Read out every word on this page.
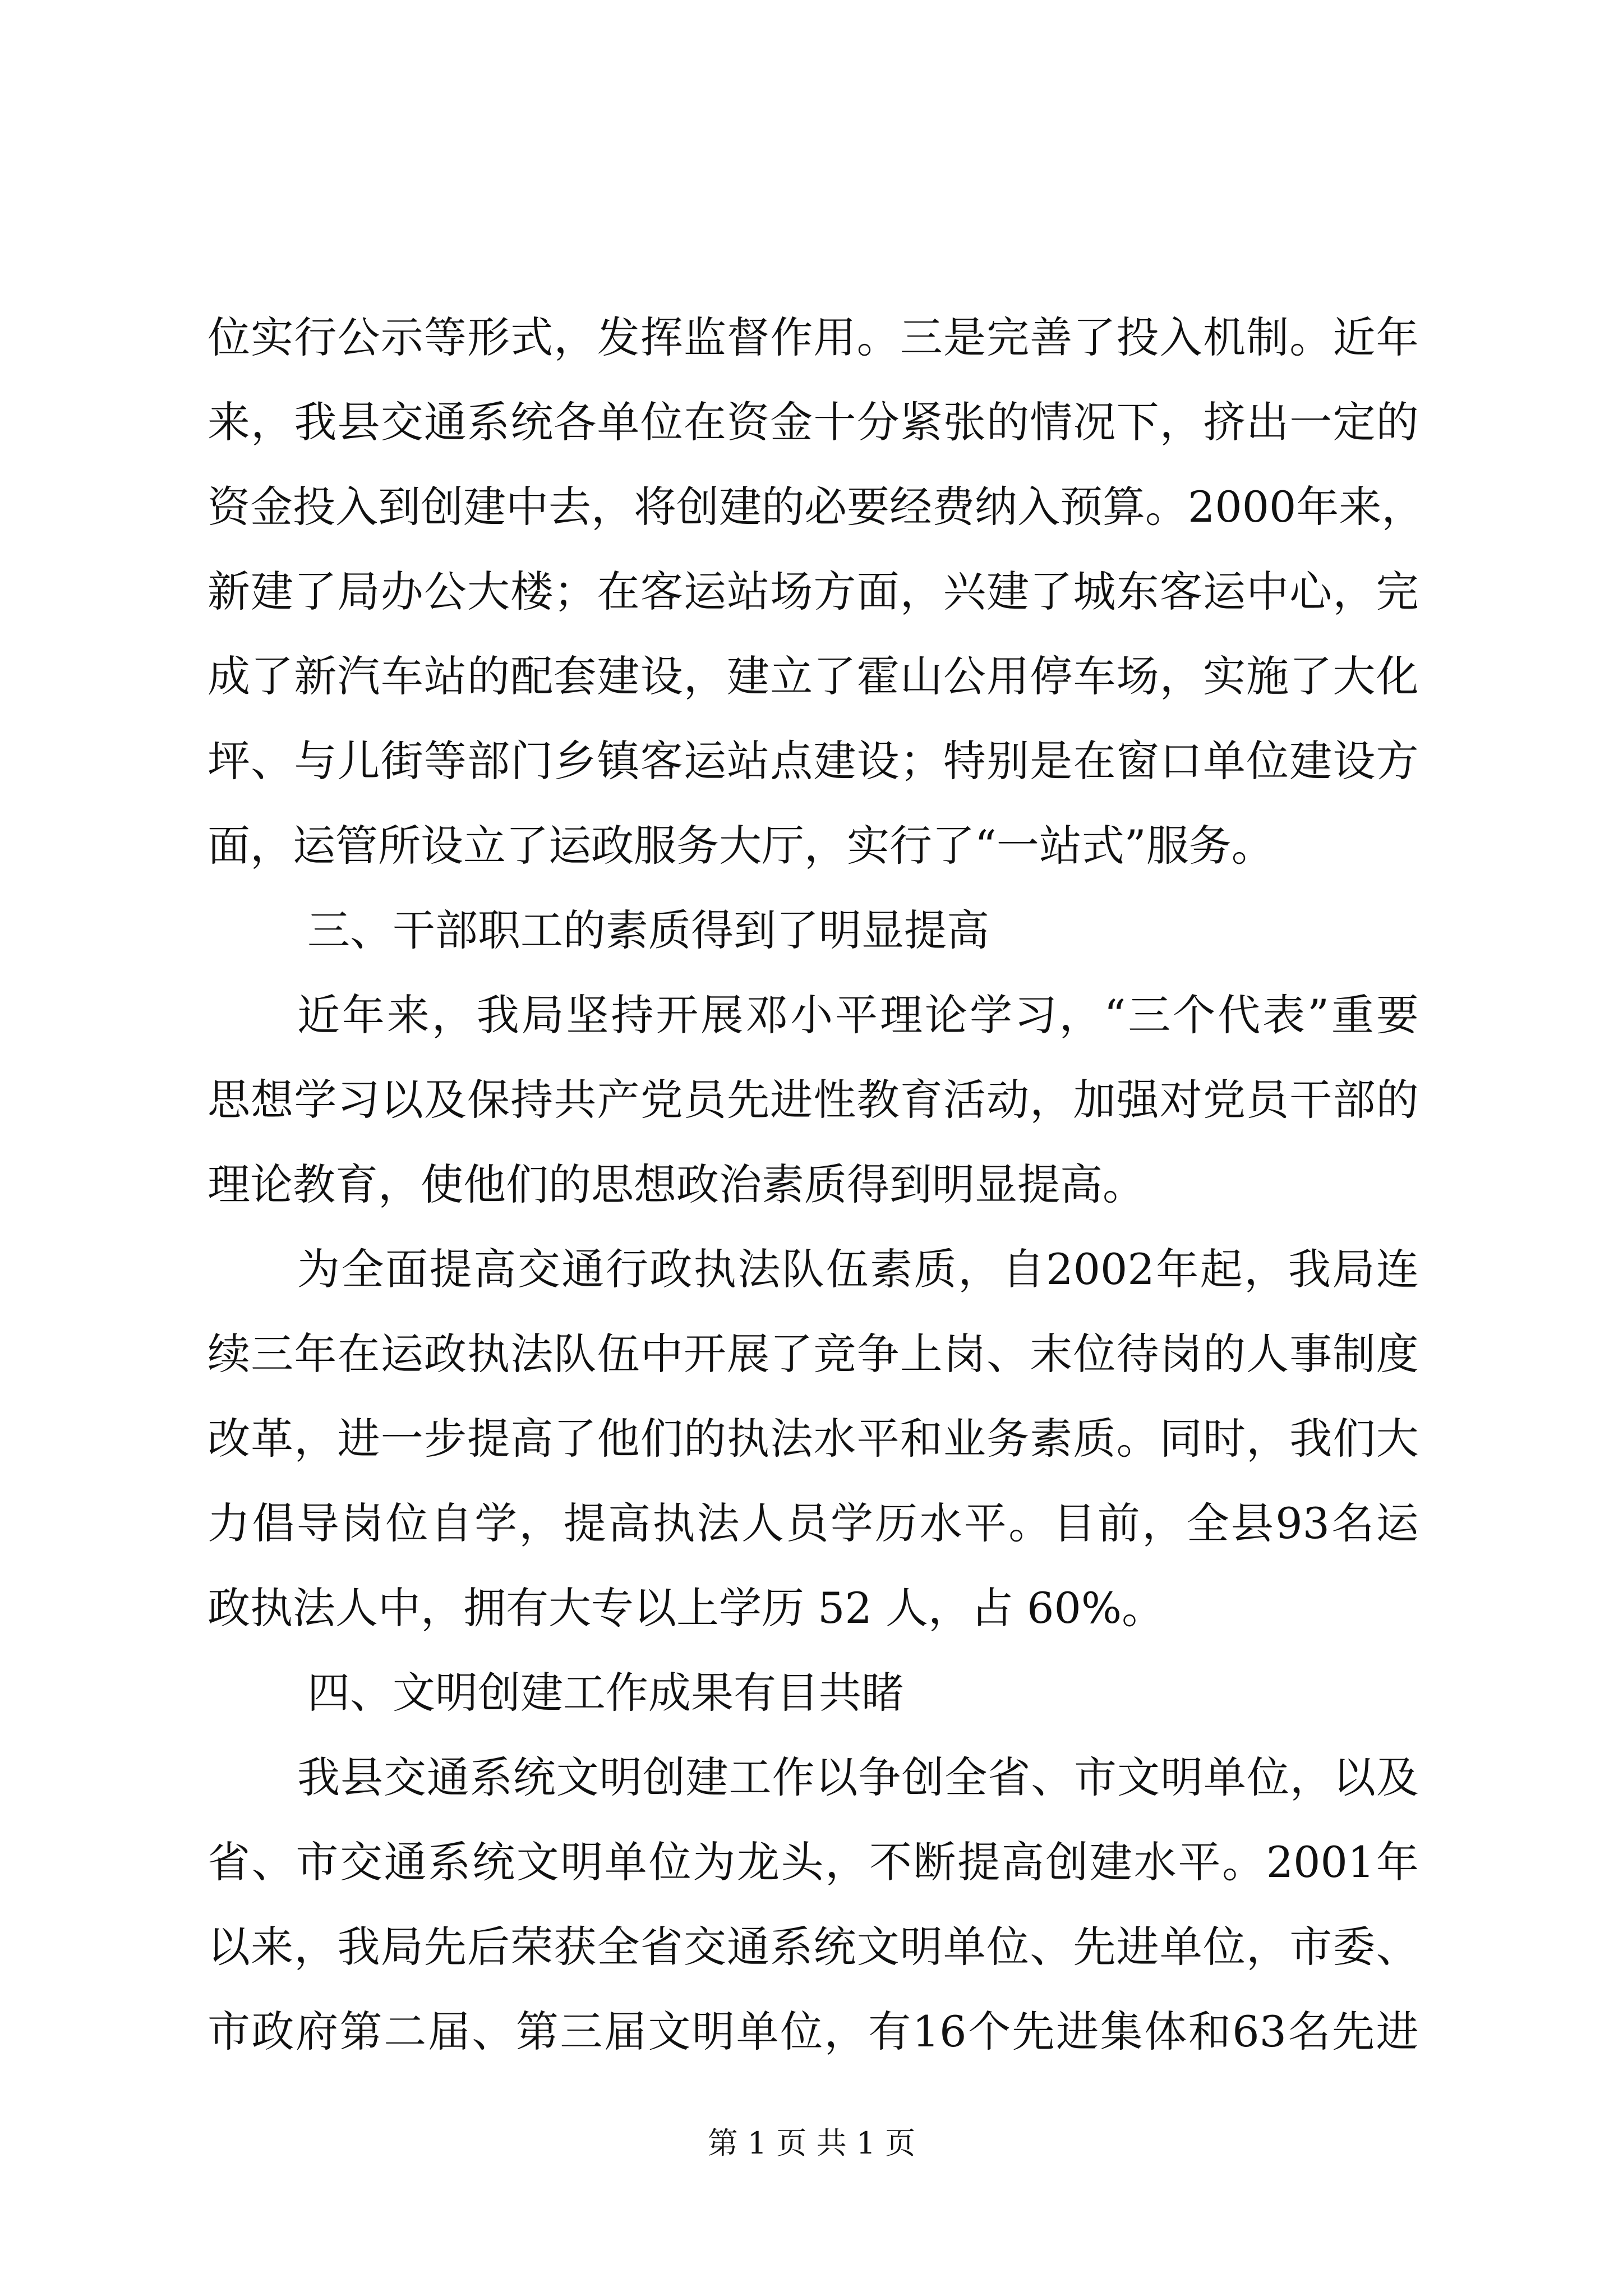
位 实 行 公 示 等 形 式 ， 发 挥 监 督 作 用 。 三 是 完 善 了 投 入 机 制 。 近 年
来 ， 我 县 交 通 系 统 各 单 位 在 资 金 十 分 紧 张 的 情 况 下 ， 挤 出 一 定 的
资 金 投 入 到 创 建 中 去 ， 将 创 建 的 必 要 经 费 纳 入 预 算 。 2000 年 来 ，
新 建 了 局 办 公 大 楼 ； 在 客 运 站 场 方 面 ， 兴 建 了 城 东 客 运 中 心 ， 完
成 了 新 汽 车 站 的 配 套 建 设 ， 建 立 了 霍 山 公 用 停 车 场 ， 实 施 了 大 化
坪 、 与 儿 街 等 部 门 乡 镇 客 运 站 点 建 设 ； 特 别 是 在 窗 口 单 位 建 设 方
面，运管所设立了运政服务大厅，实行了“一站式”服务。
三、干部职工的素质得到了明显提高
近 年 来 ， 我 局 坚 持 开 展 邓 小 平 理 论 学 习 ， “ 三 个 代 表 ” 重 要
思 想 学 习 以 及 保 持 共 产 党 员 先 进 性 教 育 活 动 ， 加 强 对 党 员 干 部 的
理论教育，使他们的思想政治素质得到明显提高。
为 全 面 提 高 交 通 行 政 执 法 队 伍 素 质 ， 自 2002 年 起 ， 我 局 连
续 三 年 在 运 政 执 法 队 伍 中 开 展 了 竞 争 上 岗 、 末 位 待 岗 的 人 事 制 度
改 革 ， 进 一 步 提 高 了 他 们 的 执 法 水 平 和 业 务 素 质 。 同 时 ， 我 们 大
力 倡 导 岗 位 自 学 ， 提 高 执 法 人 员 学 历 水 平 。 目 前 ， 全 县 93 名 运
政执法人中，拥有大专以上学历 52 人，占 60%。
四、文明创建工作成果有目共睹
我 县 交 通 系 统 文 明 创 建 工 作 以 争 创 全 省 、 市 文 明 单 位 ， 以 及
省 、 市 交 通 系 统 文 明 单 位 为 龙 头 ， 不 断 提 高 创 建 水 平 。 2001 年
以 来 ， 我 局 先 后 荣 获 全 省 交 通 系 统 文 明 单 位 、 先 进 单 位 ， 市 委 、
市 政 府 第 二 届 、 第 三 届 文 明 单 位 ， 有 16 个 先 进 集 体 和 63 名 先 进
第 1 页 共 1 页
